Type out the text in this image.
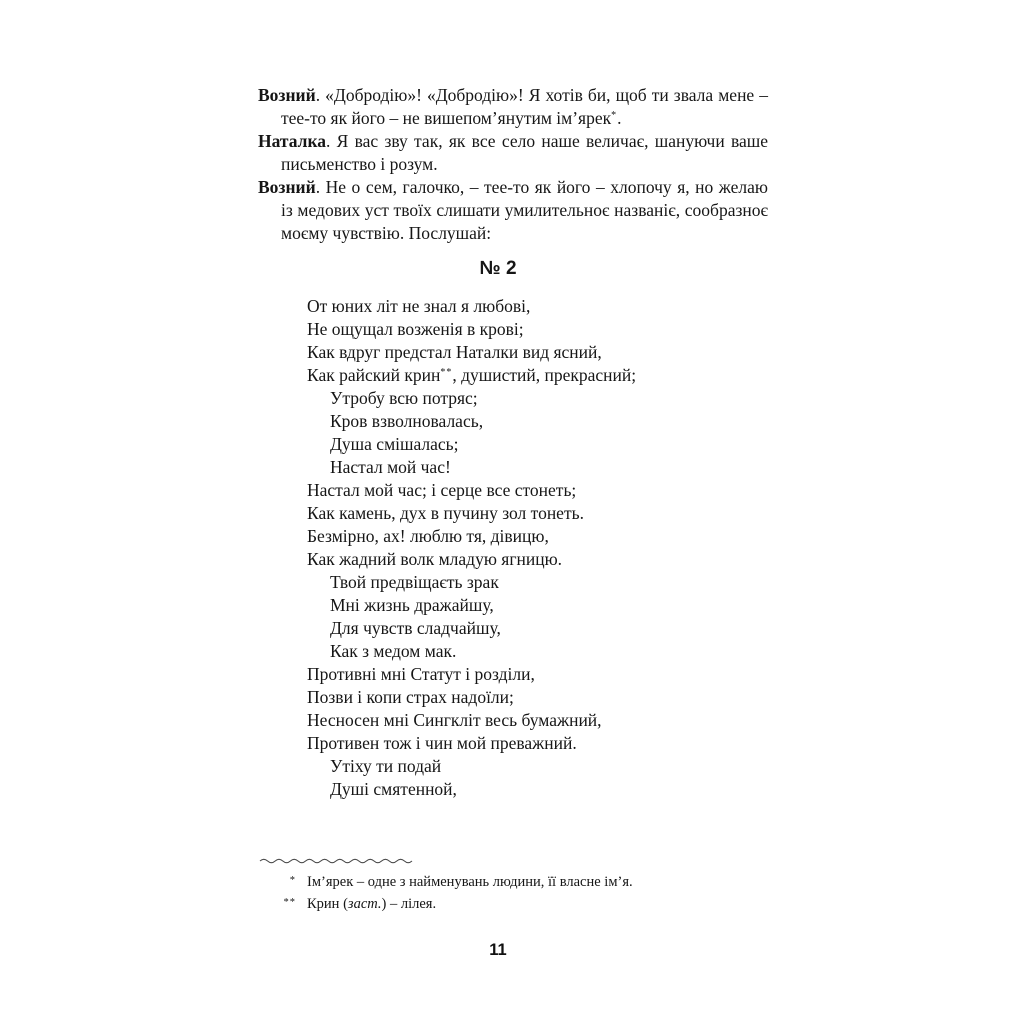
Возний. «Добродію»! «Добродію»! Я хотів би, щоб ти звала мене – тее-то як його – не вишепом’янутим ім’ярек*.

Наталка. Я вас зву так, як все село наше величає, шануючи ваше письменство і розум.

Возний. Не о сем, галочко, – тее-то як його – хлопочу я, но желаю із медових уст твоїх слишати умилительноє названіє, сообразноє моєму чувствію. Послушай:

№ 2
От юних літ не знал я любові,
Не ощущал возженія в крові;
Как вдруг предстал Наталки вид ясний,
Как райский крин**, душистий, прекрасний;
Утробу всю потряс;
Кров взволновалась,
Душа смішалась;
Настал мой час!
Настал мой час; і серце все стонеть;
Как камень, дух в пучину зол тонеть.
Безмірно, ах! люблю тя, дівицю,
Как жадний волк младую ягницю.
Твой предвіщаєть зрак
Мні жизнь дражайшу,
Для чувств сладчайшу,
Как з медом мак.
Противні мні Статут і розділи,
Позви і копи страх надоїли;
Несносен мні Сингкліт весь бумажний,
Противен тож і чин мой преважний.
Утіху ти подай
Душі смятенной,
* Ім’ярек – одне з найменувань людини, її власне ім’я.
** Крин (заст.) – лілея.
11
